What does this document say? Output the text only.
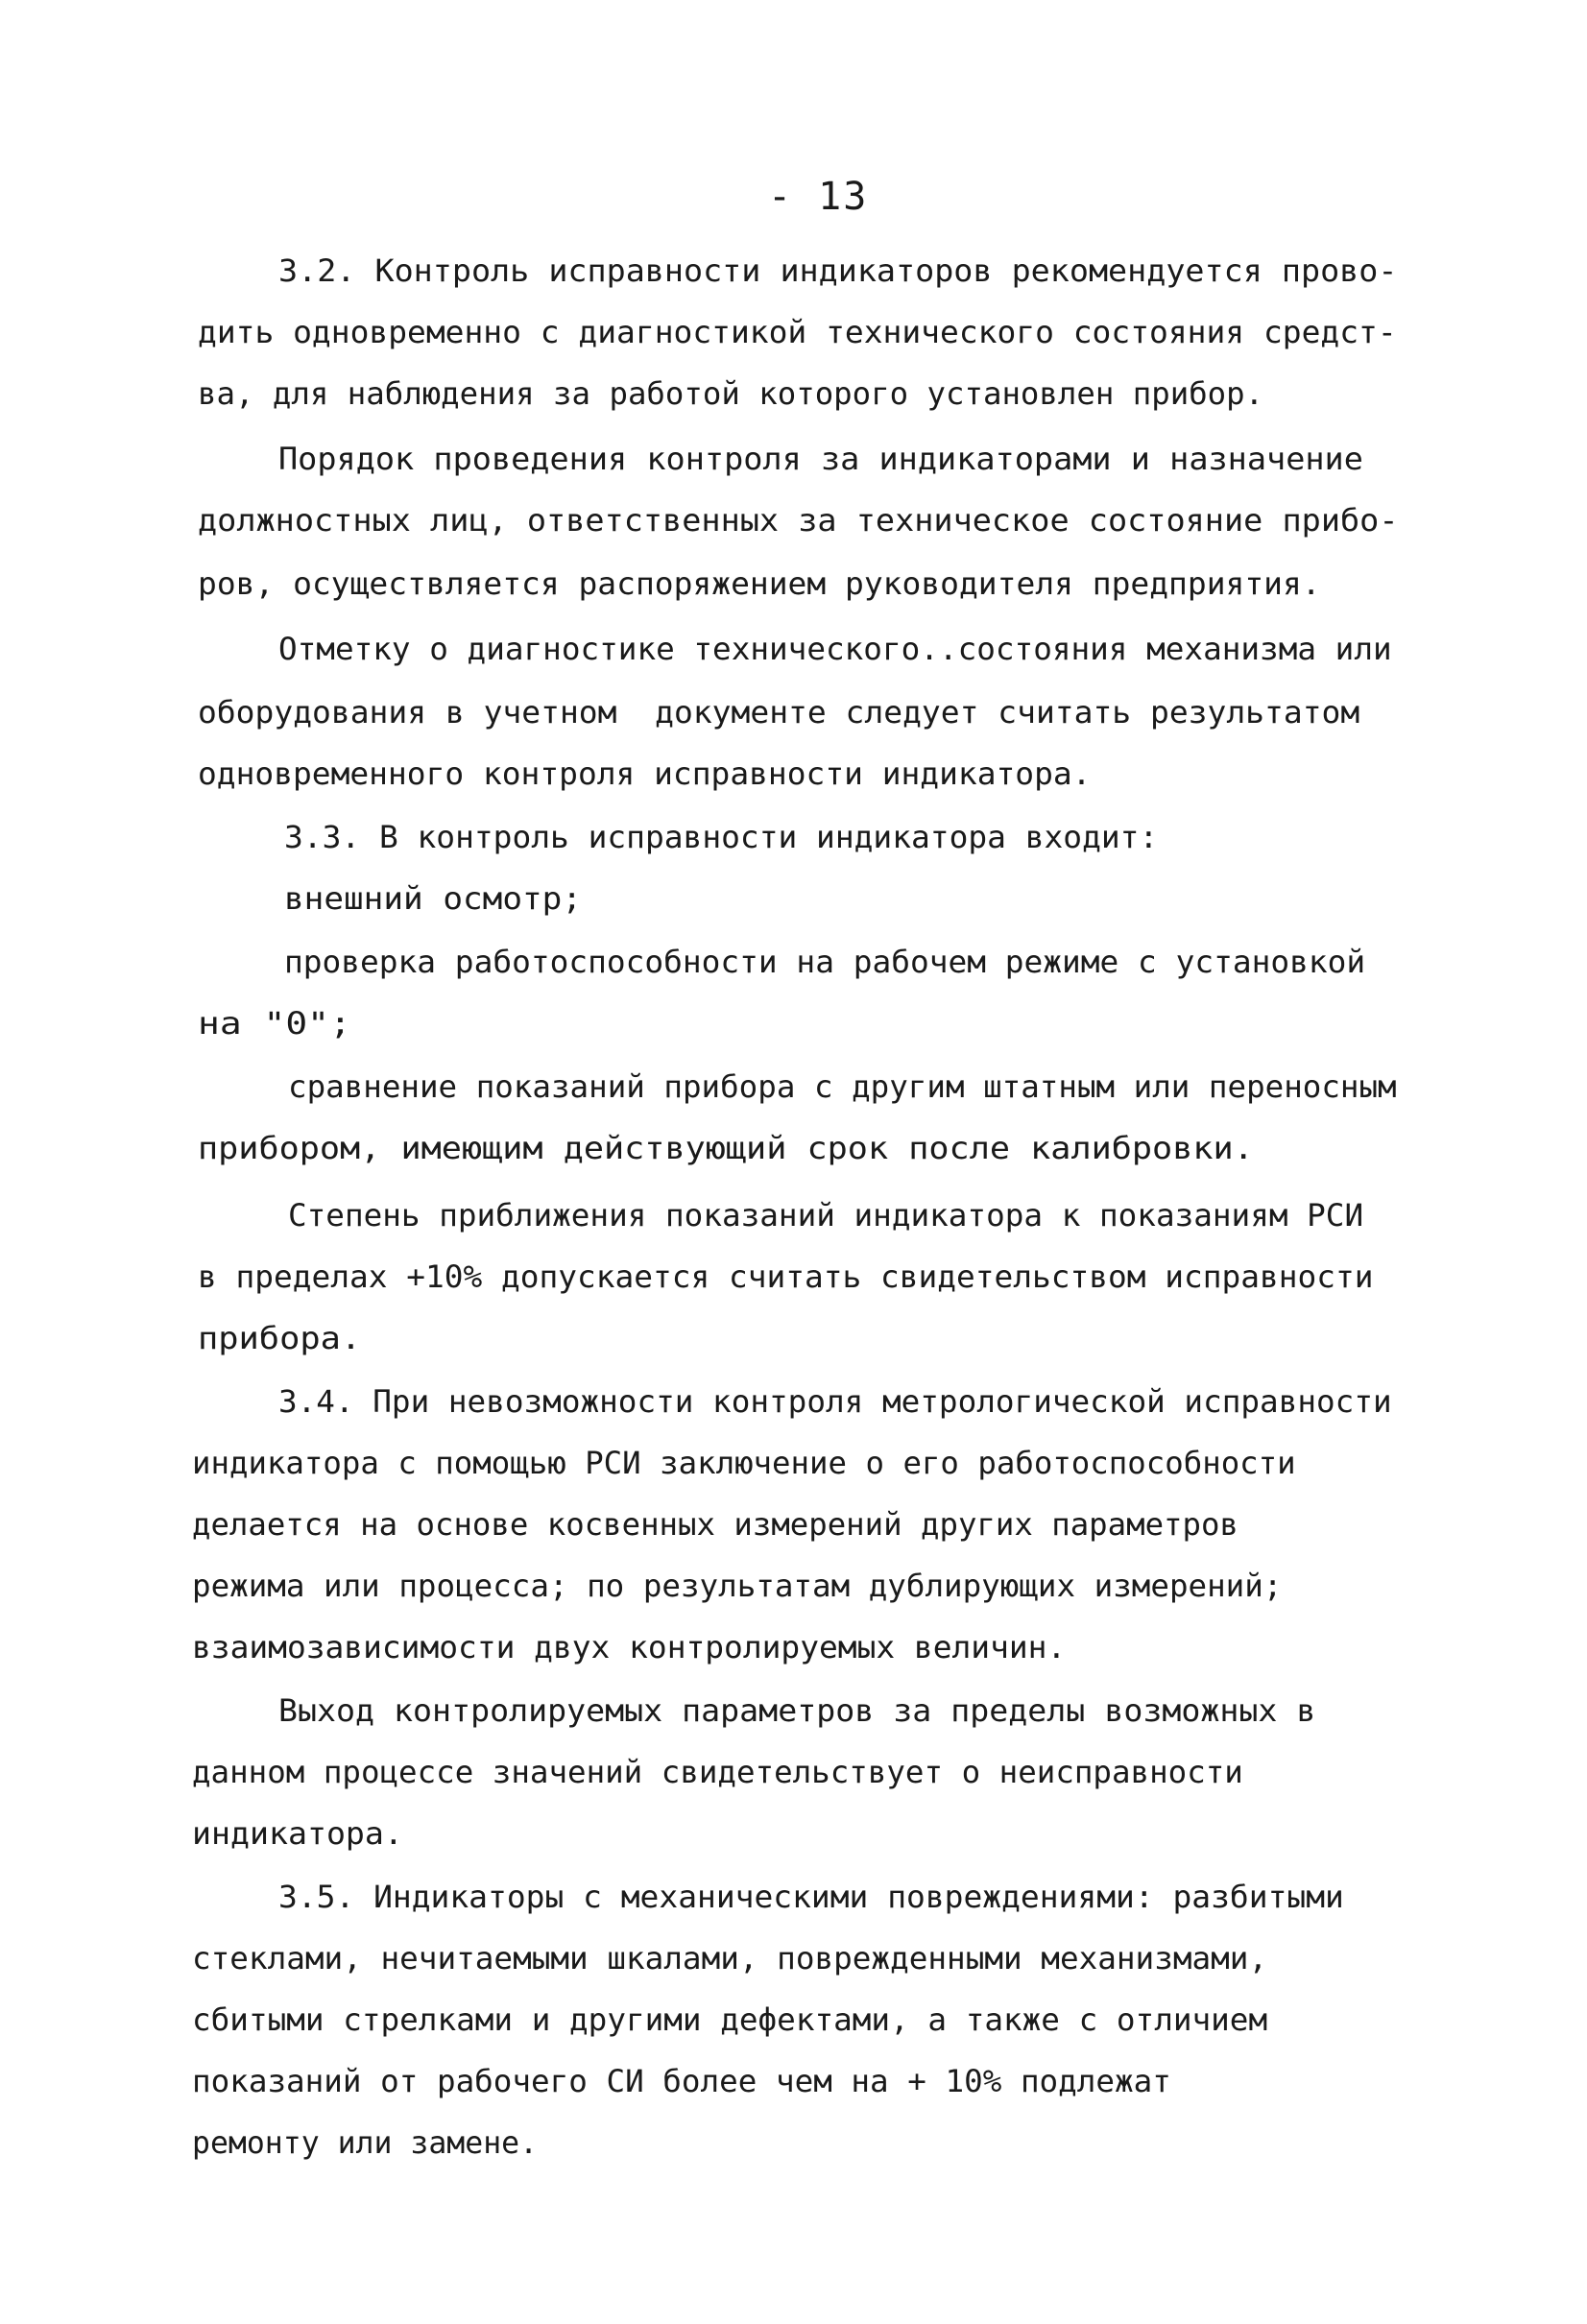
- 13
3.2. Контроль исправности индикаторов рекомендуется прово-
дить одновременно с диагностикой технического состояния средст-
ва, для наблюдения за работой которого установлен прибор.
Порядок проведения контроля за индикаторами и назначение
должностных лиц, ответственных за техническое состояние прибо-
ров, осуществляется распоряжением руководителя предприятия.
Отметку о диагностике технического..состояния механизма или
оборудования в учетном  документе следует считать результатом
одновременного контроля исправности индикатора.
3.3. В контроль исправности индикатора входит:
внешний осмотр;
проверка работоспособности на рабочем режиме с установкой
на "0";
сравнение показаний прибора с другим штатным или переносным
прибором, имеющим действующий срок после калибровки.
Степень приближения показаний индикатора к показаниям РСИ
в пределах +10% допускается считать свидетельством исправности
прибора.
3.4. При невозможности контроля метрологической исправности
индикатора с помощью РСИ заключение о его работоспособности
делается на основе косвенных измерений других параметров
режима или процесса; по результатам дублирующих измерений;
взаимозависимости двух контролируемых величин.
Выход контролируемых параметров за пределы возможных в
данном процессе значений свидетельствует о неисправности
индикатора.
3.5. Индикаторы с механическими повреждениями: разбитыми
стеклами, нечитаемыми шкалами, поврежденными механизмами,
сбитыми стрелками и другими дефектами, а также с отличием
показаний от рабочего СИ более чем на + 10% подлежат
ремонту или замене.
